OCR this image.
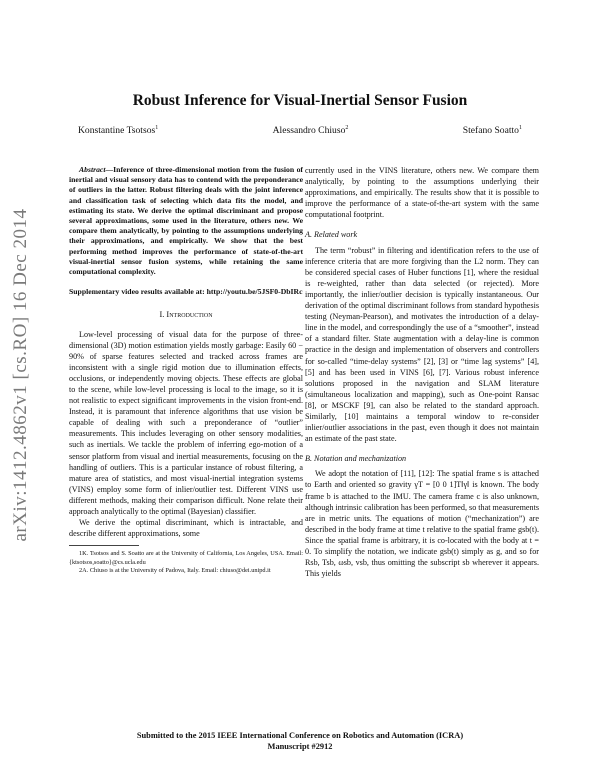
arXiv:1412.4862v1 [cs.RO] 16 Dec 2014
Robust Inference for Visual-Inertial Sensor Fusion
Konstantine Tsotsos$^1$	Alessandro Chiuso$^2$	Stefano Soatto$^1$

Abstract—Inference of three-dimensional motion from the fusion of inertial and visual sensory data has to contend with the preponderance of outliers in the latter. Robust filtering deals with the joint inference and classification task of selecting which data fits the model, and estimating its state. We derive the optimal discriminant and propose several approximations, some used in the literature, others new. We compare them analytically, by pointing to the assumptions underlying their approximations, and empirically. We show that the best performing method improves the performance of state-of-the-art visual-inertial sensor fusion systems, while retaining the same computational complexity.

Supplementary video results available at: http://youtu.be/5JSF0-DbIRc

I. Introduction

Low-level processing of visual data for the purpose of three-dimensional (3D) motion estimation yields mostly garbage: Easily 60 − 90% of sparse features selected and tracked across frames are inconsistent with a single rigid motion due to illumination effects, occlusions, or independently moving objects. These effects are global to the scene, while low-level processing is local to the image, so it is not realistic to expect significant improvements in the vision front-end. Instead, it is paramount that inference algorithms that use vision be capable of dealing with such a preponderance of “outlier” measurements. This includes leveraging on other sensory modalities, such as inertials. We tackle the problem of inferring ego-motion of a sensor platform from visual and inertial measurements, focusing on the handling of outliers. This is a particular instance of robust filtering, a mature area of statistics, and most visual-inertial integration systems (VINS) employ some form of inlier/outlier test. Different VINS use different methods, making their comparison difficult. None relate their approach analytically to the optimal (Bayesian) classifier.

We derive the optimal discriminant, which is intractable, and describe different approximations, some

1K. Tsotsos and S. Soatto are at the University of California, Los Angeles, USA. Email: {ktsotsos,soatto}@cs.ucla.edu

2A. Chiuso is at the University of Padova, Italy. Email: chiuso@dei.unipd.it

currently used in the VINS literature, others new. We compare them analytically, by pointing to the assumptions underlying their approximations, and empirically. The results show that it is possible to improve the performance of a state-of-the-art system with the same computational footprint.

A. Related work

The term “robust” in filtering and identification refers to the use of inference criteria that are more forgiving than the L2 norm. They can be considered special cases of Huber functions [1], where the residual is re-weighted, rather than data selected (or rejected). More importantly, the inlier/outlier decision is typically instantaneous. Our derivation of the optimal discriminant follows from standard hypothesis testing (Neyman-Pearson), and motivates the introduction of a delay-line in the model, and correspondingly the use of a “smoother”, instead of a standard filter. State augmentation with a delay-line is common practice in the design and implementation of observers and controllers for so-called “time-delay systems” [2], [3] or “time lag systems” [4], [5] and has been used in VINS [6], [7]. Various robust inference solutions proposed in the navigation and SLAM literature (simultaneous localization and mapping), such as One-point Ransac [8], or MSCKF [9], can also be related to the standard approach. Similarly, [10] maintains a temporal window to re-consider inlier/outlier associations in the past, even though it does not maintain an estimate of the past state.

B. Notation and mechanization

We adopt the notation of [11], [12]: The spatial frame s is attached to Earth and oriented so gravity γT = [0 0 1]T‖γ‖ is known. The body frame b is attached to the IMU. The camera frame c is also unknown, although intrinsic calibration has been performed, so that measurements are in metric units. The equations of motion (“mechanization”) are described in the body frame at time t relative to the spatial frame gsb(t). Since the spatial frame is arbitrary, it is co-located with the body at t = 0. To simplify the notation, we indicate gsb(t) simply as g, and so for Rsb, Tsb, ωsb, vsb, thus omitting the subscript sb wherever it appears. This yields

Submitted to the 2015 IEEE International Conference on Robotics and Automation (ICRA)
Manuscript #2912
